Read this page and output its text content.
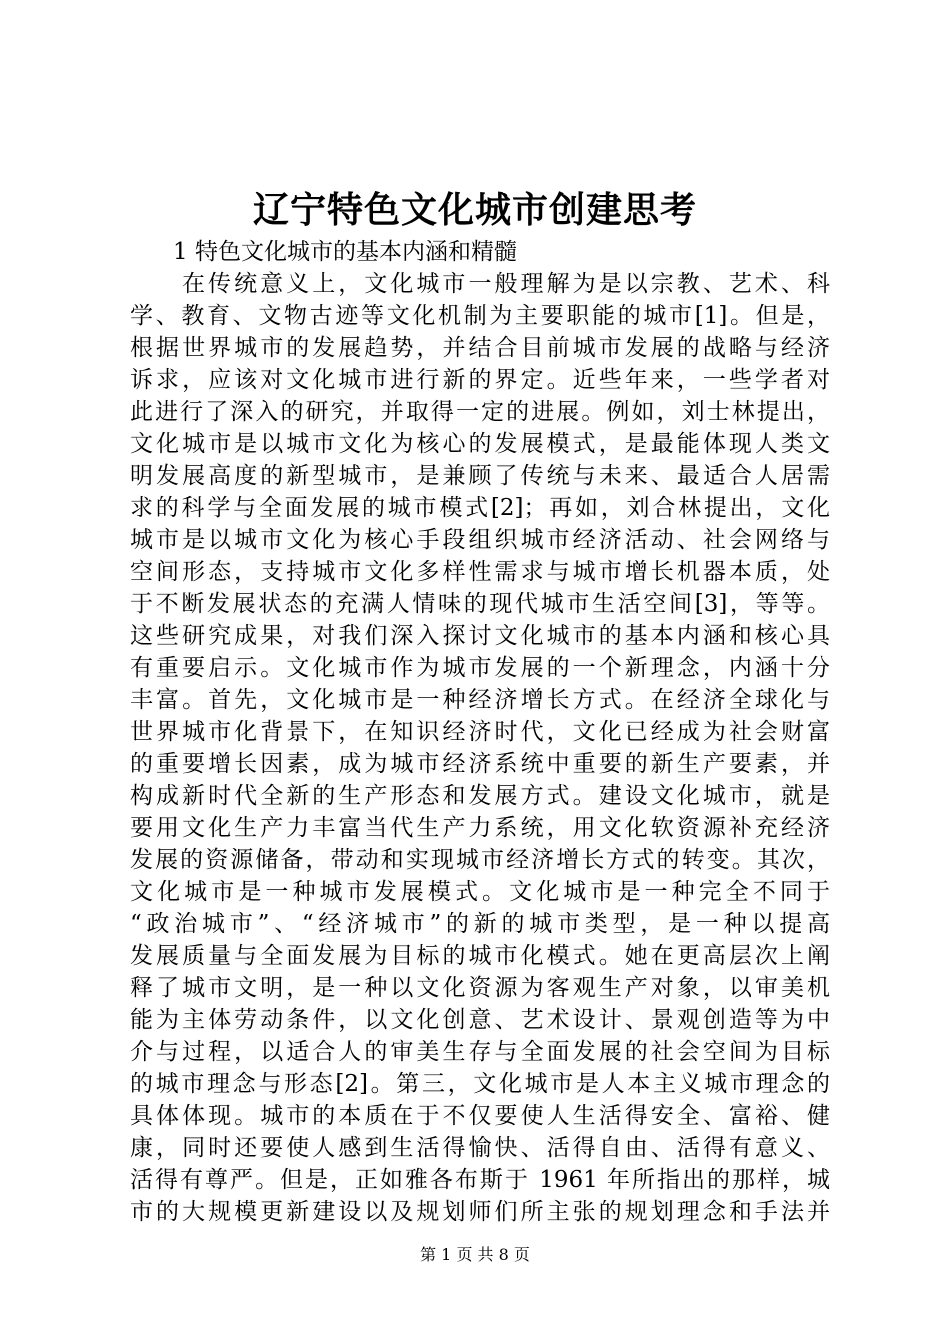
辽宁特色文化城市创建思考
1 特色文化城市的基本内涵和精髓
在传统意义上，文化城市一般理解为是以宗教、艺术、科
学、教育、文物古迹等文化机制为主要职能的城市[1]。但是，
根据世界城市的发展趋势，并结合目前城市发展的战略与经济
诉求，应该对文化城市进行新的界定。近些年来，一些学者对
此进行了深入的研究，并取得一定的进展。例如，刘士林提出，
文化城市是以城市文化为核心的发展模式，是最能体现人类文
明发展高度的新型城市，是兼顾了传统与未来、最适合人居需
求的科学与全面发展的城市模式[2]；再如，刘合林提出，文化
城市是以城市文化为核心手段组织城市经济活动、社会网络与
空间形态，支持城市文化多样性需求与城市增长机器本质，处
于不断发展状态的充满人情味的现代城市生活空间[3]，等等。
这些研究成果，对我们深入探讨文化城市的基本内涵和核心具
有重要启示。文化城市作为城市发展的一个新理念，内涵十分
丰富。首先，文化城市是一种经济增长方式。在经济全球化与
世界城市化背景下，在知识经济时代，文化已经成为社会财富
的重要增长因素，成为城市经济系统中重要的新生产要素，并
构成新时代全新的生产形态和发展方式。建设文化城市，就是
要用文化生产力丰富当代生产力系统，用文化软资源补充经济
发展的资源储备，带动和实现城市经济增长方式的转变。其次，
文化城市是一种城市发展模式。文化城市是一种完全不同于
“政治城市”、“经济城市”的新的城市类型，是一种以提高
发展质量与全面发展为目标的城市化模式。她在更高层次上阐
释了城市文明，是一种以文化资源为客观生产对象，以审美机
能为主体劳动条件，以文化创意、艺术设计、景观创造等为中
介与过程，以适合人的审美生存与全面发展的社会空间为目标
的城市理念与形态[2]。第三，文化城市是人本主义城市理念的
具体体现。城市的本质在于不仅要使人生活得安全、富裕、健
康，同时还要使人感到生活得愉快、活得自由、活得有意义、
活得有尊严。但是，正如雅各布斯于 1961 年所指出的那样，城
市的大规模更新建设以及规划师们所主张的规划理念和手法并
第 1 页 共 8 页
